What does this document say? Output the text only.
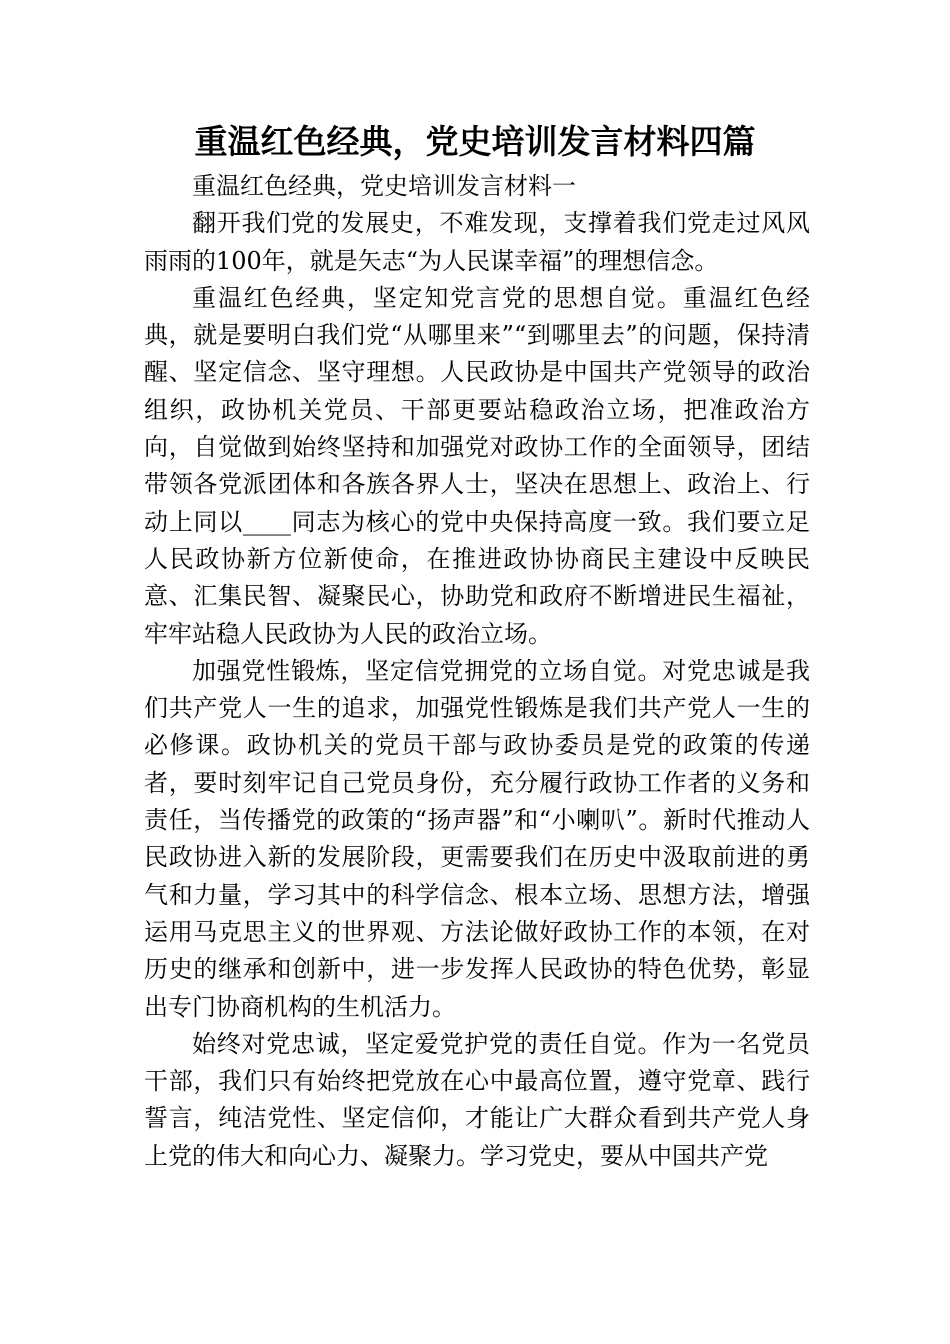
重温红色经典，党史培训发言材料四篇

重温红色经典，党史培训发言材料一

翻开我们党的发展史，不难发现，支撑着我们党走过风风雨雨的100年，就是矢志“为人民谋幸福”的理想信念。

重温红色经典，坚定知党言党的思想自觉。重温红色经典，就是要明白我们党“从哪里来”“到哪里去”的问题，保持清醒、坚定信念、坚守理想。人民政协是中国共产党领导的政治组织，政协机关党员、干部更要站稳政治立场，把准政治方向，自觉做到始终坚持和加强党对政协工作的全面领导，团结带领各党派团体和各族各界人士，坚决在思想上、政治上、行动上同以____同志为核心的党中央保持高度一致。我们要立足人民政协新方位新使命，在推进政协协商民主建设中反映民意、汇集民智、凝聚民心，协助党和政府不断增进民生福祉，牢牢站稳人民政协为人民的政治立场。

加强党性锻炼，坚定信党拥党的立场自觉。对党忠诚是我们共产党人一生的追求，加强党性锻炼是我们共产党人一生的必修课。政协机关的党员干部与政协委员是党的政策的传递者，要时刻牢记自己党员身份，充分履行政协工作者的义务和责任，当传播党的政策的“扬声器”和“小喇叭”。新时代推动人民政协进入新的发展阶段，更需要我们在历史中汲取前进的勇气和力量，学习其中的科学信念、根本立场、思想方法，增强运用马克思主义的世界观、方法论做好政协工作的本领，在对历史的继承和创新中，进一步发挥人民政协的特色优势，彰显出专门协商机构的生机活力。

始终对党忠诚，坚定爱党护党的责任自觉。作为一名党员干部，我们只有始终把党放在心中最高位置，遵守党章、践行誓言，纯洁党性、坚定信仰，才能让广大群众看到共产党人身上党的伟大和向心力、凝聚力。学习党史，要从中国共产党
